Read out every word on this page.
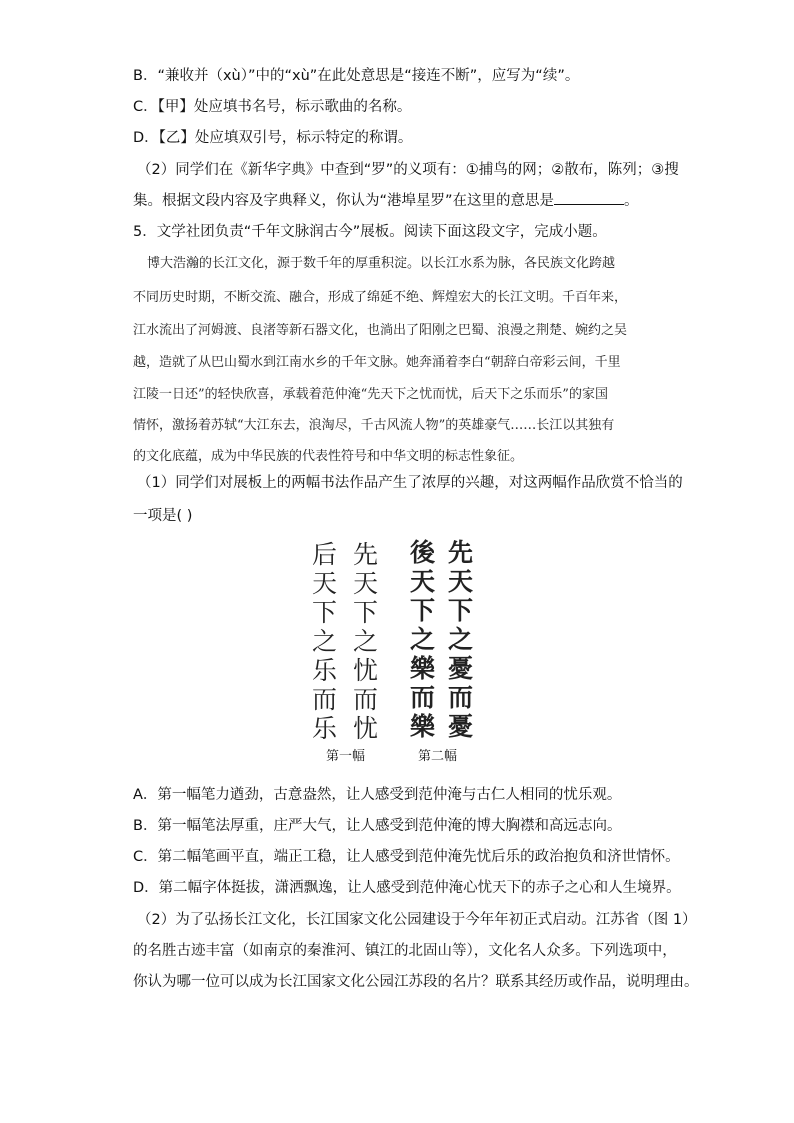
B．“兼收并（xù）”中的“xù”在此处意思是“接连不断”，应写为“续”。
C．【甲】处应填书名号，标示歌曲的名称。
D．【乙】处应填双引号，标示特定的称谓。
（2）同学们在《新华字典》中查到“罗”的义项有：①捕鸟的网；②散布，陈列；③搜
集。根据文段内容及字典释义，你认为“港埠星罗”在这里的意思是	。
5．文学社团负责“千年文脉润古今”展板。阅读下面这段文字，完成小题。
博大浩瀚的长江文化，源于数千年的厚重积淀。以长江水系为脉，各民族文化跨越
不同历史时期，不断交流、融合，形成了绵延不绝、辉煌宏大的长江文明。千百年来，
江水流出了河姆渡、良渚等新石器文化，也淌出了阳刚之巴蜀、浪漫之荆楚、婉约之吴
越，造就了从巴山蜀水到江南水乡的千年文脉。她奔涌着李白“朝辞白帝彩云间，千里
江陵一日还”的轻快欣喜，承载着范仲淹“先天下之忧而忧，后天下之乐而乐”的家国
情怀，激扬着苏轼“大江东去，浪淘尽，千古风流人物”的英雄豪气……长江以其独有
的文化底蕴，成为中华民族的代表性符号和中华文明的标志性象征。
（1）同学们对展板上的两幅书法作品产生了浓厚的兴趣，对这两幅作品欣赏不恰当的
一项是( )
后
天
下
之
乐
而
乐
先
天
下
之
忧
而
忧
後
天
下
之
樂
而
樂
先
天
下
之
憂
而
憂
第一幅	第二幅
A．第一幅笔力遒劲，古意盎然，让人感受到范仲淹与古仁人相同的忧乐观。
B．第一幅笔法厚重，庄严大气，让人感受到范仲淹的博大胸襟和高远志向。
C．第二幅笔画平直，端正工稳，让人感受到范仲淹先忧后乐的政治抱负和济世情怀。
D．第二幅字体挺拔，潇洒飘逸，让人感受到范仲淹心忧天下的赤子之心和人生境界。
（2）为了弘扬长江文化，长江国家文化公园建设于今年年初正式启动。江苏省（图 1）
的名胜古迹丰富（如南京的秦淮河、镇江的北固山等），文化名人众多。下列选项中，
你认为哪一位可以成为长江国家文化公园江苏段的名片？联系其经历或作品，说明理由。
